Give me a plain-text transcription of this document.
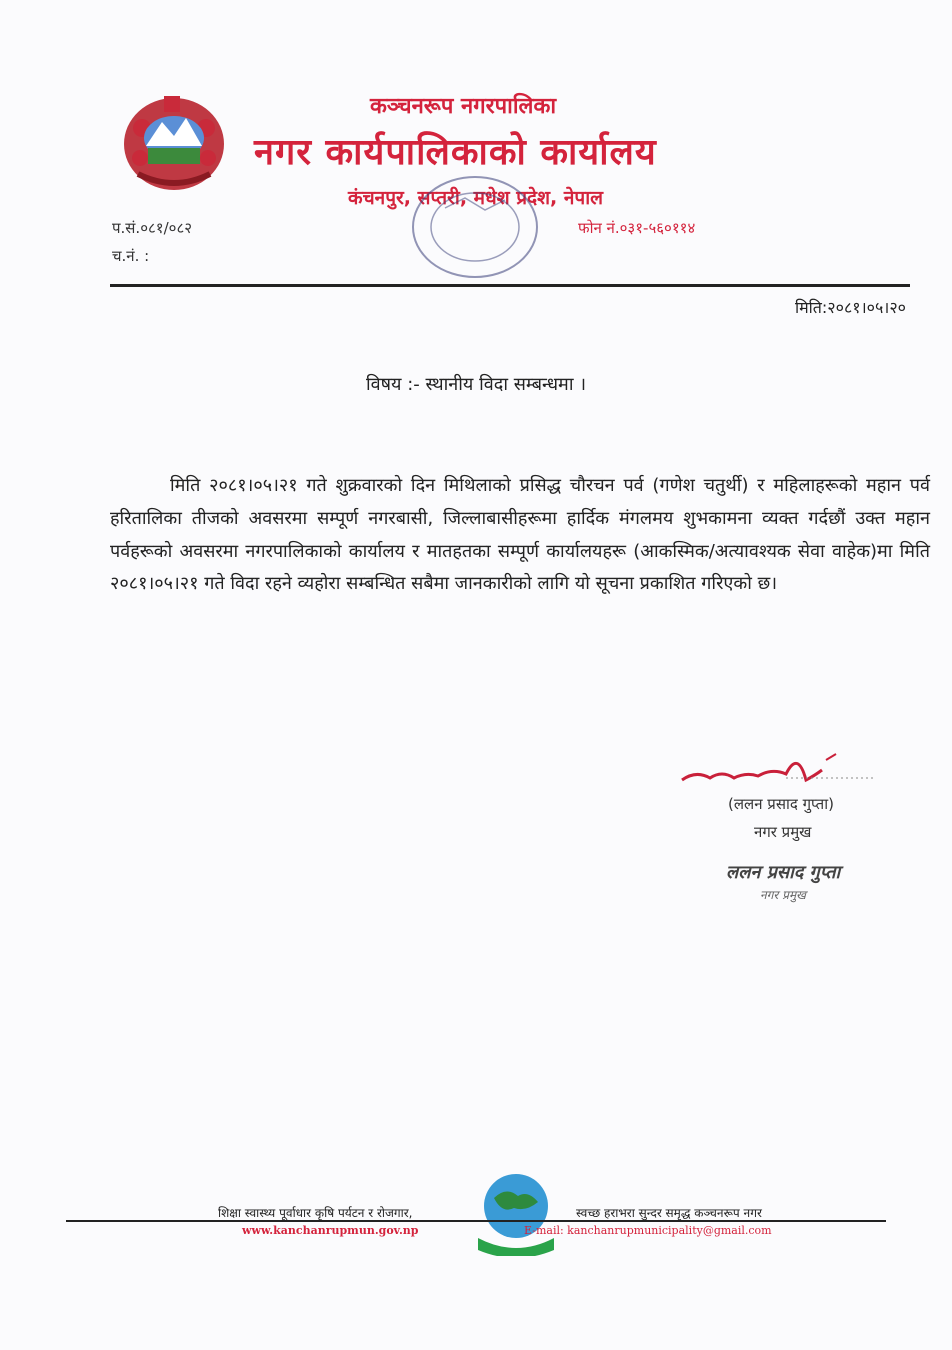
कञ्चनरूप नगरपालिका
नगर कार्यपालिकाको कार्यालय
कंचनपुर, सप्तरी, मधेश प्रदेश, नेपाल
प.सं.०८१/०८२
च.नं. :
फोन नं.०३१-५६०११४
मिति:२०८१।०५।२०
विषय :- स्थानीय विदा सम्बन्धमा ।
मिति २०८१।०५।२१ गते शुक्रवारको दिन मिथिलाको प्रसिद्ध चौरचन पर्व (गणेश चतुर्थी) र महिलाहरूको महान पर्व हरितालिका तीजको अवसरमा सम्पूर्ण नगरबासी, जिल्लाबासीहरूमा हार्दिक मंगलमय शुभकामना व्यक्त गर्दछौं उक्त महान पर्वहरूको अवसरमा नगरपालिकाको कार्यालय र मातहतका सम्पूर्ण कार्यालयहरू (आकस्मिक/अत्यावश्यक सेवा वाहेक)मा मिति २०८१।०५।२१ गते विदा रहने व्यहोरा सम्बन्धित सबैमा जानकारीको लागि यो सूचना प्रकाशित गरिएको छ।
(ललन प्रसाद गुप्ता)
नगर प्रमुख
ललन प्रसाद गुप्ता
नगर प्रमुख
शिक्षा स्वास्थ्य पूर्वाधार कृषि पर्यटन र रोजगार,	स्वच्छ हराभरा सुन्दर समृद्ध कञ्चनरूप नगर
www.kanchanrupmun.gov.np	E-mail: kanchanrupmunicipality@gmail.com
